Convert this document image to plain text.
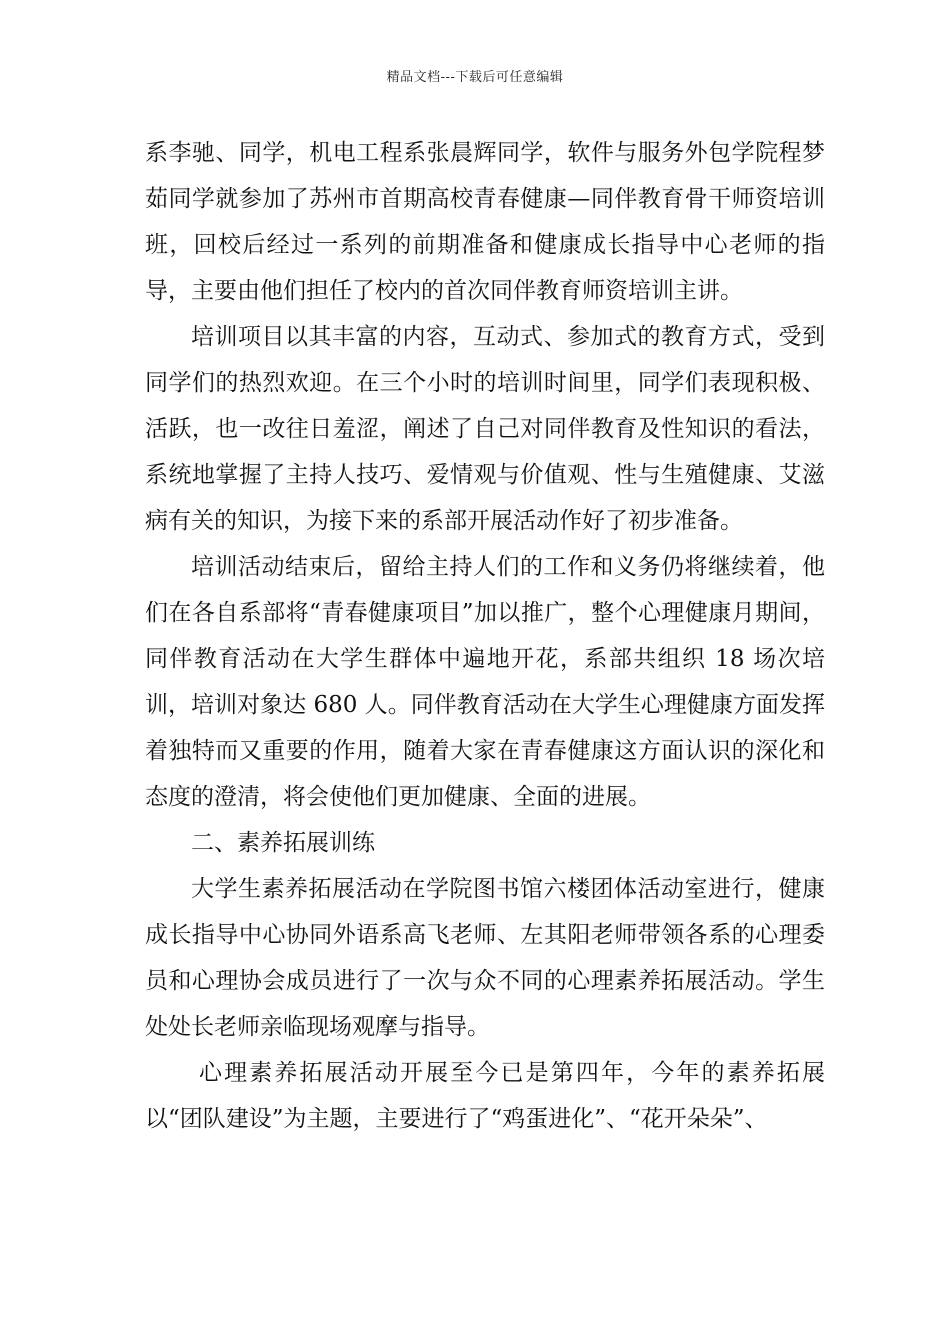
精品文档---下载后可任意编辑

系李驰、同学，机电工程系张晨辉同学，软件与服务外包学院程梦茹同学就参加了苏州市首期高校青春健康—同伴教育骨干师资培训班，回校后经过一系列的前期准备和健康成长指导中心老师的指导，主要由他们担任了校内的首次同伴教育师资培训主讲。

培训项目以其丰富的内容，互动式、参加式的教育方式，受到同学们的热烈欢迎。在三个小时的培训时间里，同学们表现积极、活跃，也一改往日羞涩，阐述了自己对同伴教育及性知识的看法，系统地掌握了主持人技巧、爱情观与价值观、性与生殖健康、艾滋病有关的知识，为接下来的系部开展活动作好了初步准备。

培训活动结束后，留给主持人们的工作和义务仍将继续着，他们在各自系部将“青春健康项目”加以推广，整个心理健康月期间，同伴教育活动在大学生群体中遍地开花，系部共组织 18 场次培训，培训对象达 680 人。同伴教育活动在大学生心理健康方面发挥着独特而又重要的作用，随着大家在青春健康这方面认识的深化和态度的澄清，将会使他们更加健康、全面的进展。

二、素养拓展训练

大学生素养拓展活动在学院图书馆六楼团体活动室进行，健康成长指导中心协同外语系高飞老师、左其阳老师带领各系的心理委员和心理协会成员进行了一次与众不同的心理素养拓展活动。学生处处长老师亲临现场观摩与指导。

心理素养拓展活动开展至今已是第四年，今年的素养拓展以“团队建设”为主题，主要进行了“鸡蛋进化”、“花开朵朵”、
